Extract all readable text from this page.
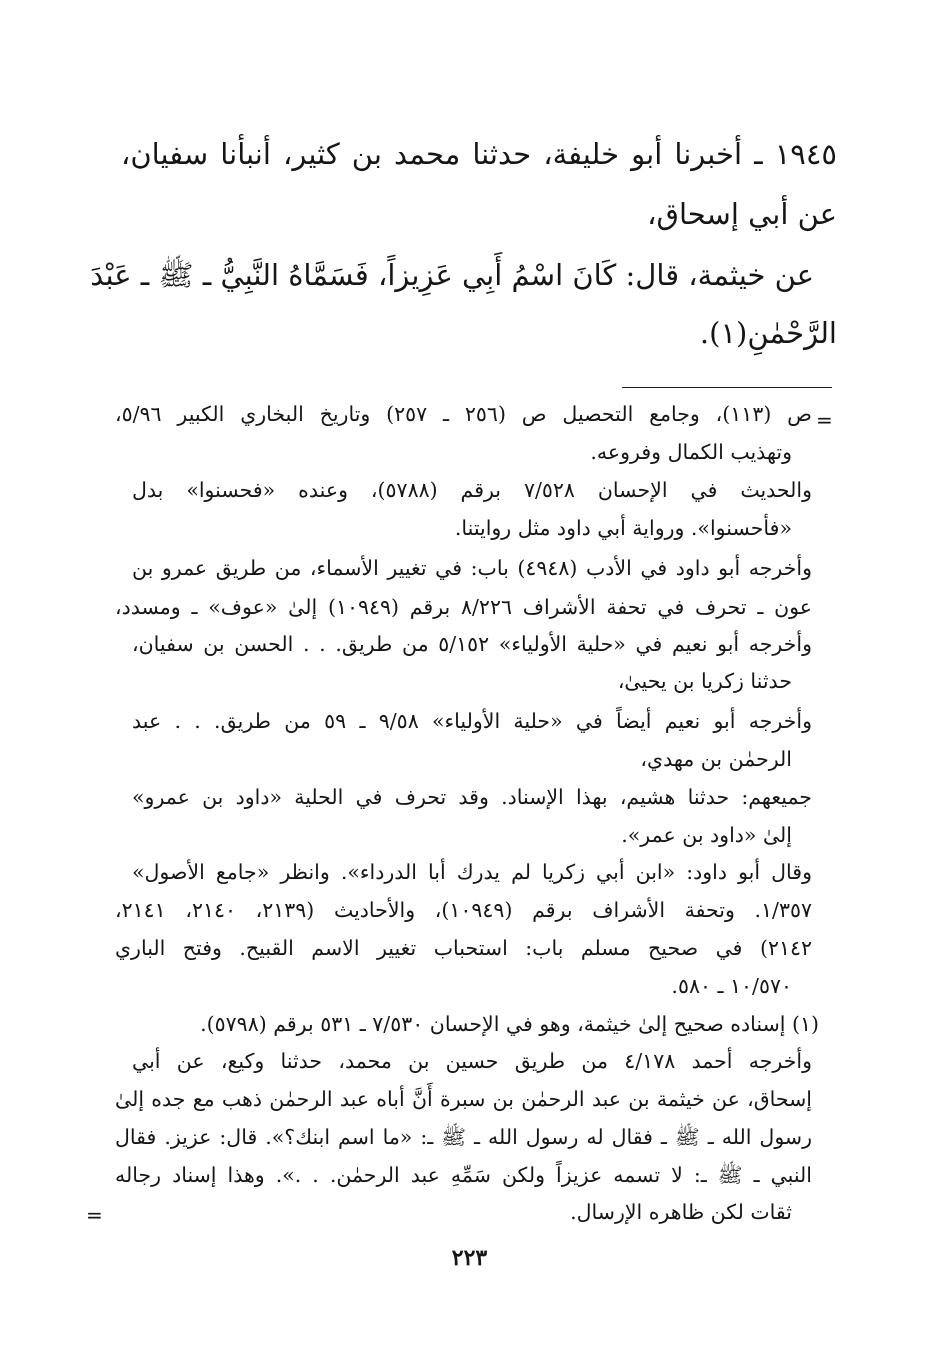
١٩٤٥ ـ أخبرنا أبو خليفة، حدثنا محمد بن كثير، أنبأنا سفيان،
عن أبي إسحاق،
عن خيثمة، قال: كَانَ اسْمُ أَبِي عَزِيزاً، فَسَمَّاهُ النَّبِيُّ ـ ﷺ ـ عَبْدَ
الرَّحْمٰنِ(١).
=
ص (١١٣)، وجامع التحصيل ص (٢٥٦ ـ ٢٥٧) وتاريخ البخاري الكبير ٥/٩٦،
وتهذيب الكمال وفروعه.
والحديث في الإحسان ٧/٥٢٨ برقم (٥٧٨٨)، وعنده «فحسنوا» بدل
«فأحسنوا». ورواية أبي داود مثل روايتنا.
وأخرجه أبو داود في الأدب (٤٩٤٨) باب: في تغيير الأسماء، من طريق عمرو بن
عون ـ تحرف في تحفة الأشراف ٨/٢٢٦ برقم (١٠٩٤٩) إلىٰ «عوف» ـ ومسدد،
وأخرجه أبو نعيم في «حلية الأولياء» ٥/١٥٢ من طريق. . . الحسن بن سفيان،
حدثنا زكريا بن يحيىٰ،
وأخرجه أبو نعيم أيضاً في «حلية الأولياء» ٩/٥٨ ـ ٥٩ من طريق. . . عبد
الرحمٰن بن مهدي،
جميعهم: حدثنا هشيم، بهذا الإسناد. وقد تحرف في الحلية «داود بن عمرو»
إلىٰ «داود بن عمر».
وقال أبو داود: «ابن أبي زكريا لم يدرك أبا الدرداء». وانظر «جامع الأصول»
١/٣٥٧. وتحفة الأشراف برقم (١٠٩٤٩)، والأحاديث (٢١٣٩، ٢١٤٠، ٢١٤١،
٢١٤٢) في صحيح مسلم باب: استحباب تغيير الاسم القبيح. وفتح الباري
١٠/٥٧٠ ـ ٥٨٠.
(١) إسناده صحيح إلىٰ خيثمة، وهو في الإحسان ٧/٥٣٠ ـ ٥٣١ برقم (٥٧٩٨).
وأخرجه أحمد ٤/١٧٨ من طريق حسين بن محمد، حدثنا وكيع، عن أبي
إسحاق، عن خيثمة بن عبد الرحمٰن بن سبرة أَنَّ أباه عبد الرحمٰن ذهب مع جده إلىٰ
رسول الله ـ ﷺ ـ فقال له رسول الله ـ ﷺ ـ: «ما اسم ابنك؟». قال: عزيز. فقال
النبي ـ ﷺ ـ: لا تسمه عزيزاً ولكن سَمِّهِ عبد الرحمٰن. . .». وهذا إسناد رجاله
ثقات لكن ظاهره الإرسال.
=
٢٢٣
